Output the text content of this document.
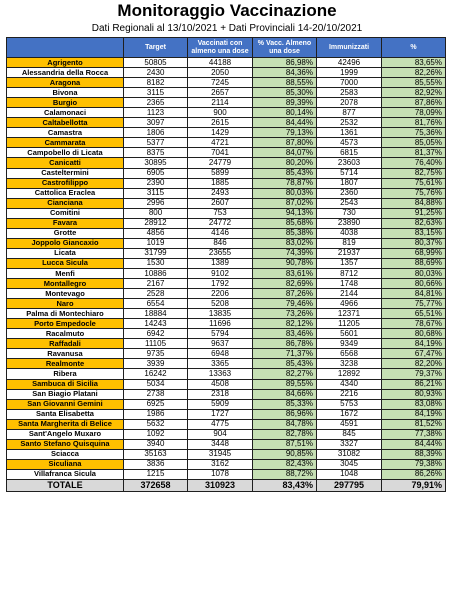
Monitoraggio Vaccinazione
Dati Regionali al 13/10/2021 + Dati Provinciali 14-20/10/2021
	Target	Vaccinati con almeno una dose	% Vacc. Almeno una dose	Immunizzati	%
Agrigento	50805	44188	86,98%	42496	83,65%
Alessandria della Rocca	2430	2050	84,36%	1999	82,26%
Aragona	8182	7245	88,55%	7000	85,55%
Bivona	3115	2657	85,30%	2583	82,92%
Burgio	2365	2114	89,39%	2078	87,86%
Calamonaci	1123	900	80,14%	877	78,09%
Caltabellotta	3097	2615	84,44%	2532	81,76%
Camastra	1806	1429	79,13%	1361	75,36%
Cammarata	5377	4721	87,80%	4573	85,05%
Campobello di Licata	8375	7041	84,07%	6815	81,37%
Canicatti	30895	24779	80,20%	23603	76,40%
Casteltermini	6905	5899	85,43%	5714	82,75%
Castrofilippo	2390	1885	78,87%	1807	75,61%
Cattolica Eraclea	3115	2493	80,03%	2360	75,76%
Cianciana	2996	2607	87,02%	2543	84,88%
Comitini	800	753	94,13%	730	91,25%
Favara	28912	24772	85,68%	23890	82,63%
Grotte	4856	4146	85,38%	4038	83,15%
Joppolo Giancaxio	1019	846	83,02%	819	80,37%
Licata	31799	23655	74,39%	21937	68,99%
Lucca Sicula	1530	1389	90,78%	1357	88,69%
Menfi	10886	9102	83,61%	8712	80,03%
Montallegro	2167	1792	82,69%	1748	80,66%
Montevago	2528	2206	87,26%	2144	84,81%
Naro	6554	5208	79,46%	4966	75,77%
Palma di Montechiaro	18884	13835	73,26%	12371	65,51%
Porto Empedocle	14243	11696	82,12%	11205	78,67%
Racalmuto	6942	5794	83,46%	5601	80,68%
Raffadali	11105	9637	86,78%	9349	84,19%
Ravanusa	9735	6948	71,37%	6568	67,47%
Realmonte	3939	3365	85,43%	3238	82,20%
Ribera	16242	13363	82,27%	12892	79,37%
Sambuca di Sicilia	5034	4508	89,55%	4340	86,21%
San Biagio Platani	2738	2318	84,66%	2216	80,93%
San Giovanni Gemini	6925	5909	85,33%	5753	83,08%
Santa Elisabetta	1986	1727	86,96%	1672	84,19%
Santa Margherita di Belice	5632	4775	84,78%	4591	81,52%
Sant'Angelo Muxaro	1092	904	82,78%	845	77,38%
Santo Stefano Quisquina	3940	3448	87,51%	3327	84,44%
Sciacca	35163	31945	90,85%	31082	88,39%
Siculiana	3836	3162	82,43%	3045	79,38%
Villafranca Sicula	1215	1078	88,72%	1048	86,26%
TOTALE	372658	310923	83,43%	297795	79,91%
